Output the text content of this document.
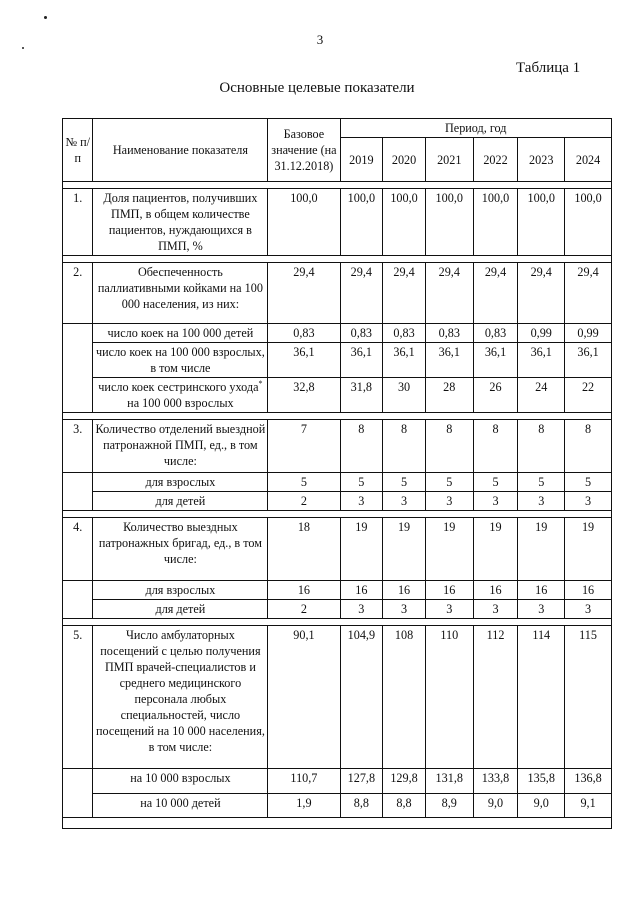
3
Таблица 1
Основные целевые показатели
№ п/п	Наименование показателя	Базовое значение (на 31.12.2018)	Период, год					
			2019	2020	2021	2022	2023	2024

1.	Доля пациентов, получивших ПМП, в общем количестве пациентов, нуждающихся в ПМП, %	100,0	100,0	100,0	100,0	100,0	100,0	100,0

2.	Обеспеченность паллиативными койками на 100 000 населения, из них:	29,4	29,4	29,4	29,4	29,4	29,4	29,4
	число коек на 100 000 детей	0,83	0,83	0,83	0,83	0,83	0,99	0,99
	число коек на 100 000 взрослых, в том числе	36,1	36,1	36,1	36,1	36,1	36,1	36,1
	число коек сестринского ухода* на 100 000 взрослых	32,8	31,8	30	28	26	24	22

3.	Количество отделений выездной патронажной ПМП, ед., в том числе:	7	8	8	8	8	8	8
	для взрослых	5	5	5	5	5	5	5
	для детей	2	3	3	3	3	3	3

4.	Количество выездных патронажных бригад, ед., в том числе:	18	19	19	19	19	19	19
	для взрослых	16	16	16	16	16	16	16
	для детей	2	3	3	3	3	3	3

5.	Число амбулаторных посещений с целью получения ПМП врачей-специалистов и среднего медицинского персонала любых специальностей, число посещений на 10 000 населения, в том числе:	90,1	104,9	108	110	112	114	115
	на 10 000 взрослых	110,7	127,8	129,8	131,8	133,8	135,8	136,8
	на 10 000 детей	1,9	8,8	8,8	8,9	9,0	9,0	9,1
